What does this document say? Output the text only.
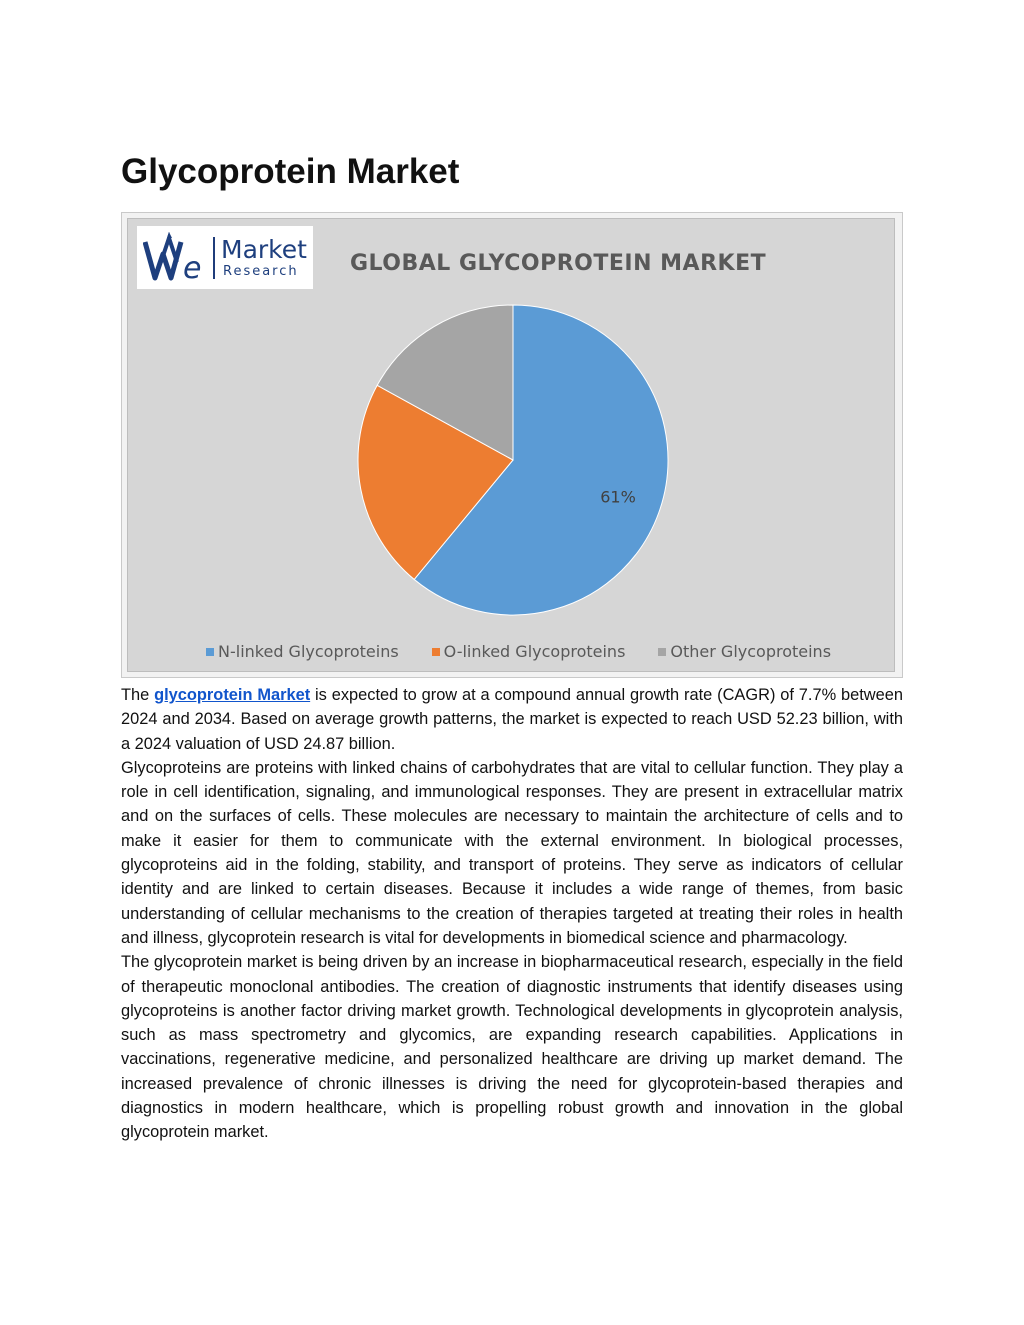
Glycoprotein Market
e
Market
Research GLOBAL GLYCOPROTEIN MARKET
61%
N-linked Glycoproteins	O-linked Glycoproteins	Other Glycoproteins

The glycoprotein Market is expected to grow at a compound annual growth rate (CAGR) of 7.7% between 2024 and 2034. Based on average growth patterns, the market is expected to reach USD 52.23 billion, with a 2024 valuation of USD 24.87 billion.

Glycoproteins are proteins with linked chains of carbohydrates that are vital to cellular function. They play a role in cell identification, signaling, and immunological responses. They are present in extracellular matrix and on the surfaces of cells. These molecules are necessary to maintain the architecture of cells and to make it easier for them to communicate with the external environment. In biological processes, glycoproteins aid in the folding, stability, and transport of proteins. They serve as indicators of cellular identity and are linked to certain diseases. Because it includes a wide range of themes, from basic understanding of cellular mechanisms to the creation of therapies targeted at treating their roles in health and illness, glycoprotein research is vital for developments in biomedical science and pharmacology.

The glycoprotein market is being driven by an increase in biopharmaceutical research, especially in the field of therapeutic monoclonal antibodies. The creation of diagnostic instruments that identify diseases using glycoproteins is another factor driving market growth. Technological developments in glycoprotein analysis, such as mass spectrometry and glycomics, are expanding research capabilities. Applications in vaccinations, regenerative medicine, and personalized healthcare are driving up market demand. The increased prevalence of chronic illnesses is driving the need for glycoprotein-based therapies and diagnostics in modern healthcare, which is propelling robust growth and innovation in the global glycoprotein market.
